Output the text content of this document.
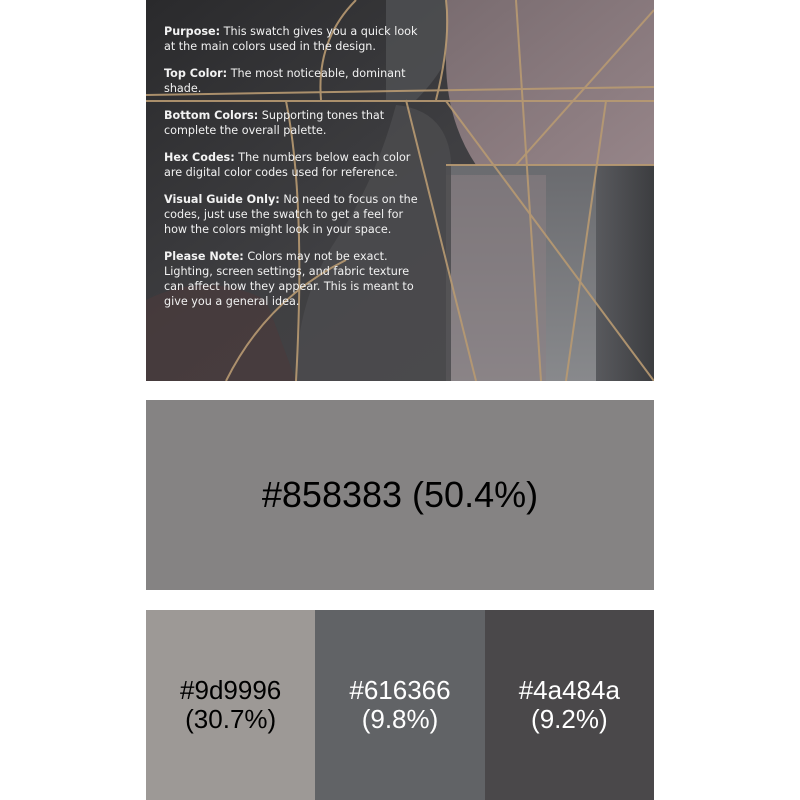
Purpose: This swatch gives you a quick look at the main colors used in the design.

Top Color: The most noticeable, dominant shade.

Bottom Colors: Supporting tones that complete the overall palette.

Hex Codes: The numbers below each color are digital color codes used for reference.

Visual Guide Only: No need to focus on the codes, just use the swatch to get a feel for how the colors might look in your space.

Please Note: Colors may not be exact. Lighting, screen settings, and fabric texture can affect how they appear. This is meant to give you a general idea.

#858383 (50.4%)
#9d9996
(30.7%)
#616366
(9.8%)
#4a484a
(9.2%)
